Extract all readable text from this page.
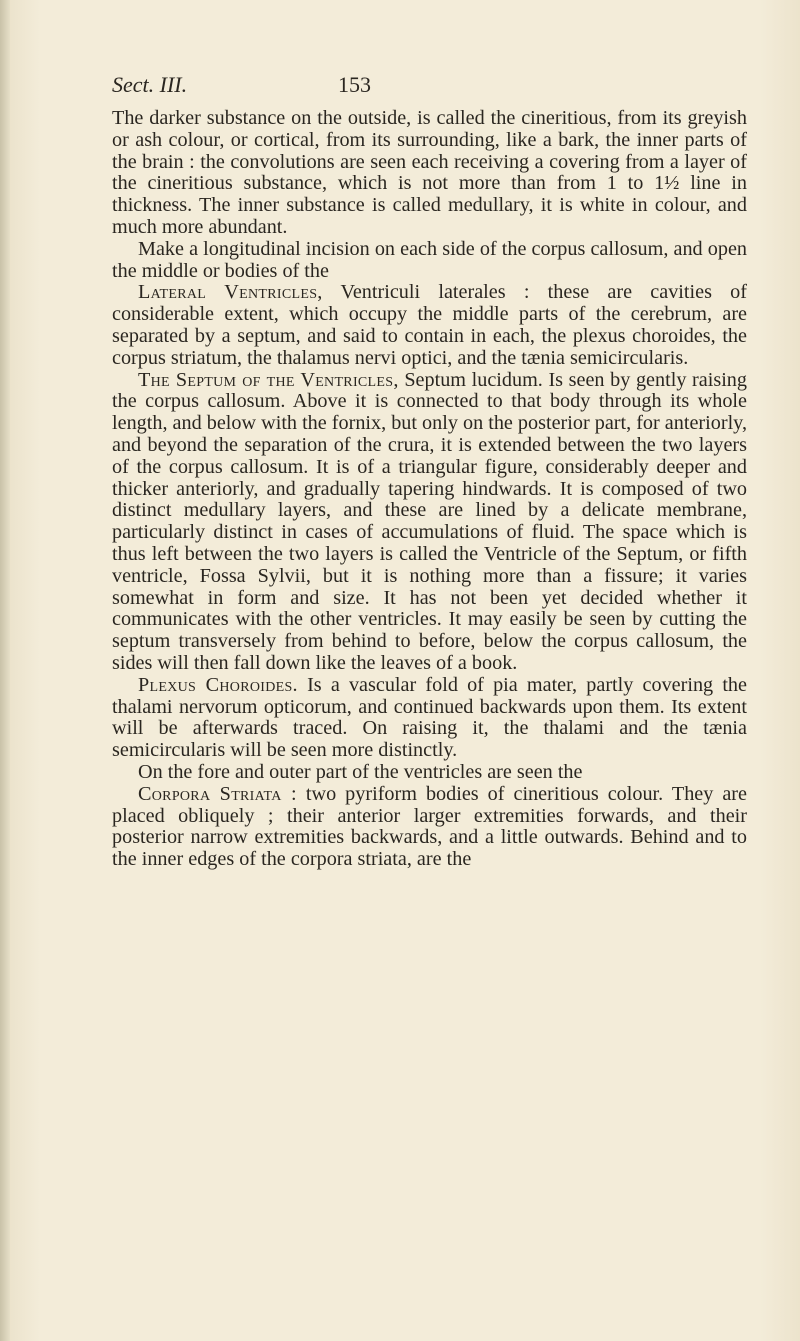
Sect. III.	153

The darker substance on the outside, is called the cineritious, from its greyish or ash colour, or cortical, from its surrounding, like a bark, the inner parts of the brain : the convolutions are seen each receiving a covering from a layer of the cineritious substance, which is not more than from 1 to 1½ line in thickness. The inner substance is called medullary, it is white in colour, and much more abundant.

Make a longitudinal incision on each side of the corpus callosum, and open the middle or bodies of the

Lateral Ventricles, Ventriculi laterales : these are cavities of considerable extent, which occupy the middle parts of the cerebrum, are separated by a septum, and said to contain in each, the plexus choroides, the corpus striatum, the thalamus nervi optici, and the tænia semicircularis.

The Septum of the Ventricles, Septum lucidum. Is seen by gently raising the corpus callosum. Above it is connected to that body through its whole length, and below with the fornix, but only on the posterior part, for anteriorly, and beyond the separation of the crura, it is extended between the two layers of the corpus callosum. It is of a triangular figure, considerably deeper and thicker anteriorly, and gradually tapering hindwards. It is composed of two distinct medullary layers, and these are lined by a delicate membrane, particularly distinct in cases of accumulations of fluid. The space which is thus left between the two layers is called the Ventricle of the Septum, or fifth ventricle, Fossa Sylvii, but it is nothing more than a fissure; it varies somewhat in form and size. It has not been yet decided whether it communicates with the other ventricles. It may easily be seen by cutting the septum transversely from behind to before, below the corpus callosum, the sides will then fall down like the leaves of a book.

Plexus Choroides. Is a vascular fold of pia mater, partly covering the thalami nervorum opticorum, and continued backwards upon them. Its extent will be afterwards traced. On raising it, the thalami and the tænia semicircularis will be seen more distinctly.

On the fore and outer part of the ventricles are seen the

Corpora Striata : two pyriform bodies of cineritious colour. They are placed obliquely ; their anterior larger extremities forwards, and their posterior narrow extremities backwards, and a little outwards. Behind and to the inner edges of the corpora striata, are the
